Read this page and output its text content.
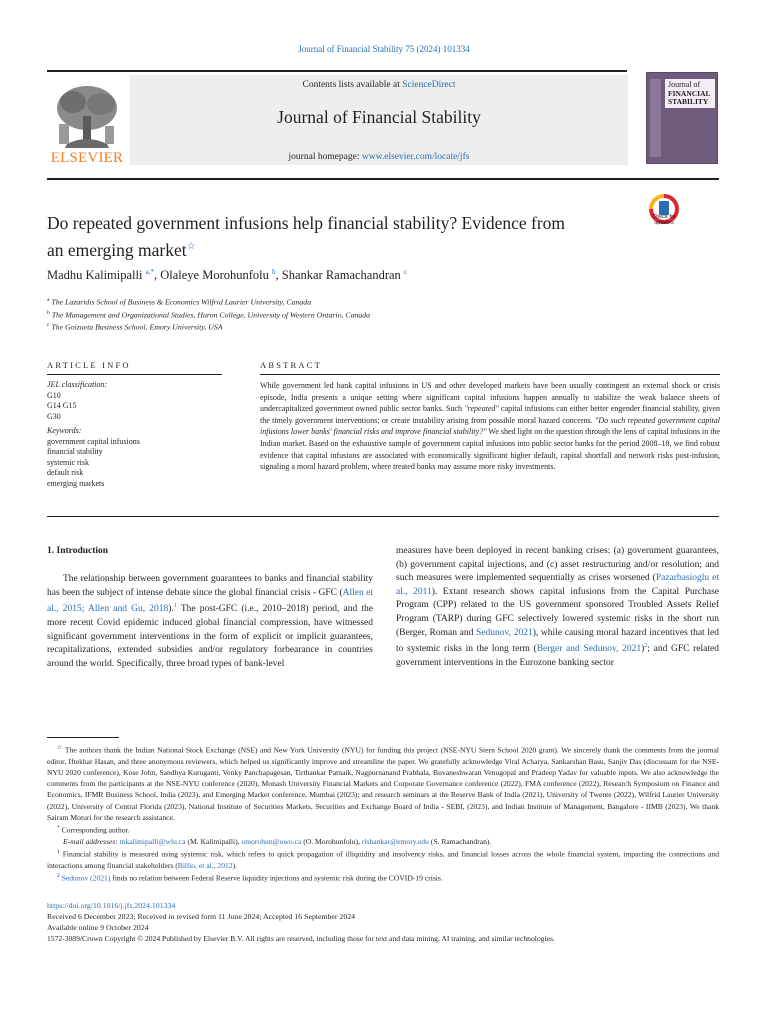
Journal of Financial Stability 75 (2024) 101334
ELSEVIER
Contents lists available at ScienceDirect
Journal of Financial Stability
journal homepage: www.elsevier.com/locate/jfs
Journal of
FINANCIAL
STABILITY
Do repeated government infusions help financial stability? Evidence from
an emerging market☆
Check for
updates
Madhu Kalimipalli $^{a,*}$, Olaleye Morohunfolu $^b$, Shankar Ramachandran $^c$
$^a$ The Lazaridis School of Business & Economics Wilfrid Laurier University, Canada
$^b$ The Management and Organizational Studies, Huron College, University of Western Ontario, Canada
$^c$ The Goizueta Business School, Emory University, USA
ARTICLE INFO	ABSTRACT
JEL classification:
G10
G14 G15
G30
Keywords:
government capital infusions
financial stability
systemic risk
default risk
emerging markets
While government led bank capital infusions in US and other developed markets have been usually contingent an external shock or crisis episode, India presents a unique setting where significant capital infusions happen annually to stabilize the weak balance sheets of undercapitalized government owned public sector banks. Such "repeated" capital infusions can either better engender financial stability, given the timely government interventions; or create instability arising from possible moral hazard concerns. "Do such repeated government capital infusions lower banks' financial risks and improve financial stability?" We shed light on the question through the lens of capital infusions in the Indian market. Based on the exhaustive sample of government capital infusions into public sector banks for the period 2008–18, we find robust evidence that capital infusions are associated with economically significant higher default, capital shortfall and network risks post-infusion, signaling a moral hazard problem, where treated banks may assume more risky investments.
1. Introduction
The relationship between government guarantees to banks and financial stability has been the subject of intense debate since the global financial crisis - GFC (Allen et al., 2015; Allen and Gu, 2018).$^1$ The post-GFC (i.e., 2010–2018) period, and the more recent Covid epidemic induced global financial compression, have witnessed significant government interventions in the form of explicit or implicit guarantees, recapitalizations, extended subsidies and/or regulatory forbearance in countries around the world. Specifically, three broad types of bank-level
measures have been deployed in recent banking crises: (a) government guarantees, (b) government capital injections, and (c) asset restructuring and/or resolution; and such measures were implemented sequentially as crises worsened (Pazarbasioglu et al., 2011). Extant research shows capital infusions from the Capital Purchase Program (CPP) related to the US government sponsored Troubled Assets Relief Program (TARP) during GFC selectively lowered systemic risks in the short run (Berger, Roman and Sedunov, 2021), while causing moral hazard incentives that led to systemic risks in the long term (Berger and Sedunov, 2021)$^2$; and GFC related government interventions in the Eurozone banking sector

☆ The authors thank the Indian National Stock Exchange (NSE) and New York University (NYU) for funding this project (NSE-NYU Stern School 2020 grant). We sincerely thank the comments from the journal editor, Iftekhar Hasan, and three anonymous reviewers, which helped us significantly improve and streamline the paper. We gratefully acknowledge Viral Acharya, Sankarshan Basu, Sanjiv Das (discussant for the NSE-NYU 2020 conference), Kose John, Sandhya Kuruganti, Venky Panchapagesan, Tirthankar Patnaik, Nagpurnanand Prabhala, Buvaneshwaran Venugopal and Pradeep Yadav for valuable inputs. We also acknowledge the comments from the participants at the NSE-NYU conference (2020), Monash University Financial Markets and Corporate Governance conference (2022), FMA conference (2022), Research Symposium on Finance and Economics, IFMR Business School, India (2023), and Emerging Market conference, Mumbai (2023); and research seminars at the Reserve Bank of India (2021), University of Twente (2022), Wilfrid Laurier University (2022), University of Central Florida (2023), National Institute of Securities Markets, Securities and Exchange Board of India - SEBI, (2023), and Indian Institute of Management, Bangalore - IIMB (2023). We thank Sairam Moturi for the research assistance.

* Corresponding author.

E-mail addresses: mkalimipalli@wlu.ca (M. Kalimipalli), omorohun@uwo.ca (O. Morohunfolu), rlshankar@emory.edu (S. Ramachandran).

$^1$ Financial stability is measured using systemic risk, which refers to quick propagation of illiquidity and insolvency risks, and financial losses across the whole financial system, impacting the connections and interactions among financial stakeholders (Billio, et al., 2012).

$^2$ Sedunov (2021) finds no relation between Federal Reserve liquidity injections and systemic risk during the COVID-19 crisis.

https://doi.org/10.1016/j.jfs.2024.101334
Received 6 December 2023; Received in revised form 11 June 2024; Accepted 16 September 2024
Available online 9 October 2024
1572-3089/Crown Copyright © 2024 Published by Elsevier B.V. All rights are reserved, including those for text and data mining, AI training, and similar technologies.
